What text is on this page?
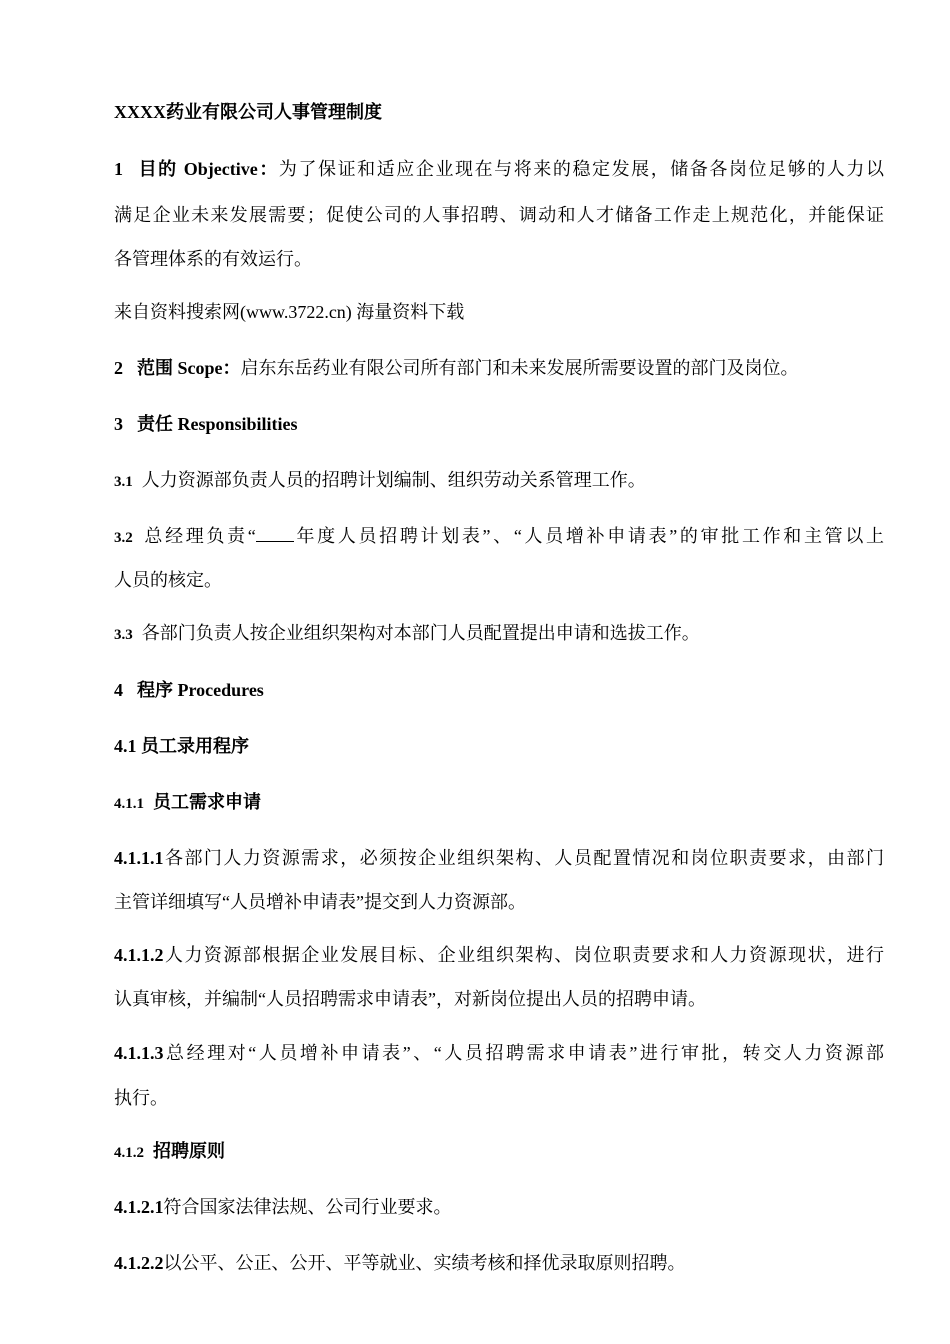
XXXX药业有限公司人事管理制度
1 目的 Objective：为了保证和适应企业现在与将来的稳定发展，储备各岗位足够的人力以
满足企业未来发展需要；促使公司的人事招聘、调动和人才储备工作走上规范化，并能保证
各管理体系的有效运行。
来自资料搜索网(www.3722.cn) 海量资料下载
2 范围 Scope：启东东岳药业有限公司所有部门和未来发展所需要设置的部门及岗位。
3 责任 Responsibilities
3.1 人力资源部负责人员的招聘计划编制、组织劳动关系管理工作。
3.2 总经理负责“ 年度人员招聘计划表”、“人员增补申请表”的审批工作和主管以上
人员的核定。
3.3 各部门负责人按企业组织架构对本部门人员配置提出申请和选拔工作。
4 程序 Procedures
4.1 员工录用程序
4.1.1 员工需求申请
4.1.1.1各部门人力资源需求，必须按企业组织架构、人员配置情况和岗位职责要求，由部门
主管详细填写“人员增补申请表”提交到人力资源部。
4.1.1.2人力资源部根据企业发展目标、企业组织架构、岗位职责要求和人力资源现状，进行
认真审核，并编制“人员招聘需求申请表”，对新岗位提出人员的招聘申请。
4.1.1.3总经理对“人员增补申请表”、“人员招聘需求申请表”进行审批，转交人力资源部
执行。
4.1.2 招聘原则
4.1.2.1符合国家法律法规、公司行业要求。
4.1.2.2以公平、公正、公开、平等就业、实绩考核和择优录取原则招聘。
